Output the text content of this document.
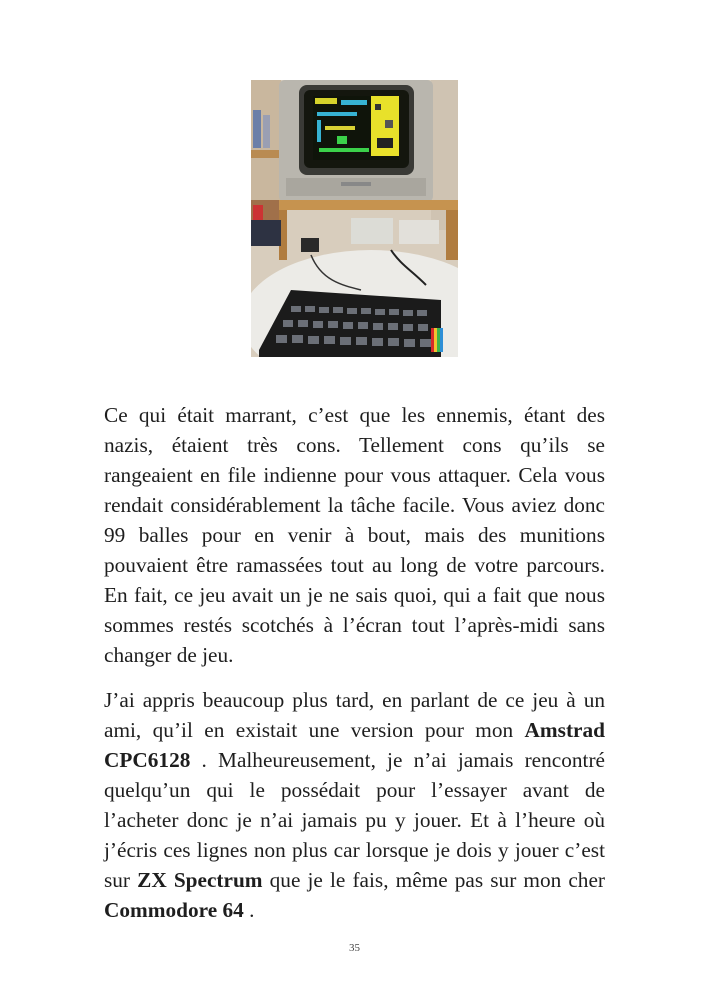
Ce qui était marrant, c’est que les ennemis, étant des nazis, étaient très cons. Tellement cons qu’ils se rangeaient en file indienne pour vous attaquer. Cela vous rendait considérablement la tâche facile. Vous aviez donc 99 balles pour en venir à bout, mais des munitions pouvaient être ramassées tout au long de votre parcours. En fait, ce jeu avait un je ne sais quoi, qui a fait que nous sommes restés scotchés à l’écran tout l’après-midi sans changer de jeu.

J’ai appris beaucoup plus tard, en parlant de ce jeu à un ami, qu’il en existait une version pour mon Amstrad CPC6128 . Malheureusement, je n’ai jamais rencontré quelqu’un qui le possédait pour l’essayer avant de l’acheter donc je n’ai jamais pu y jouer. Et à l’heure où j’écris ces lignes non plus car lorsque je dois y jouer c’est sur ZX Spectrum que je le fais, même pas sur mon cher Commodore 64 .

35
